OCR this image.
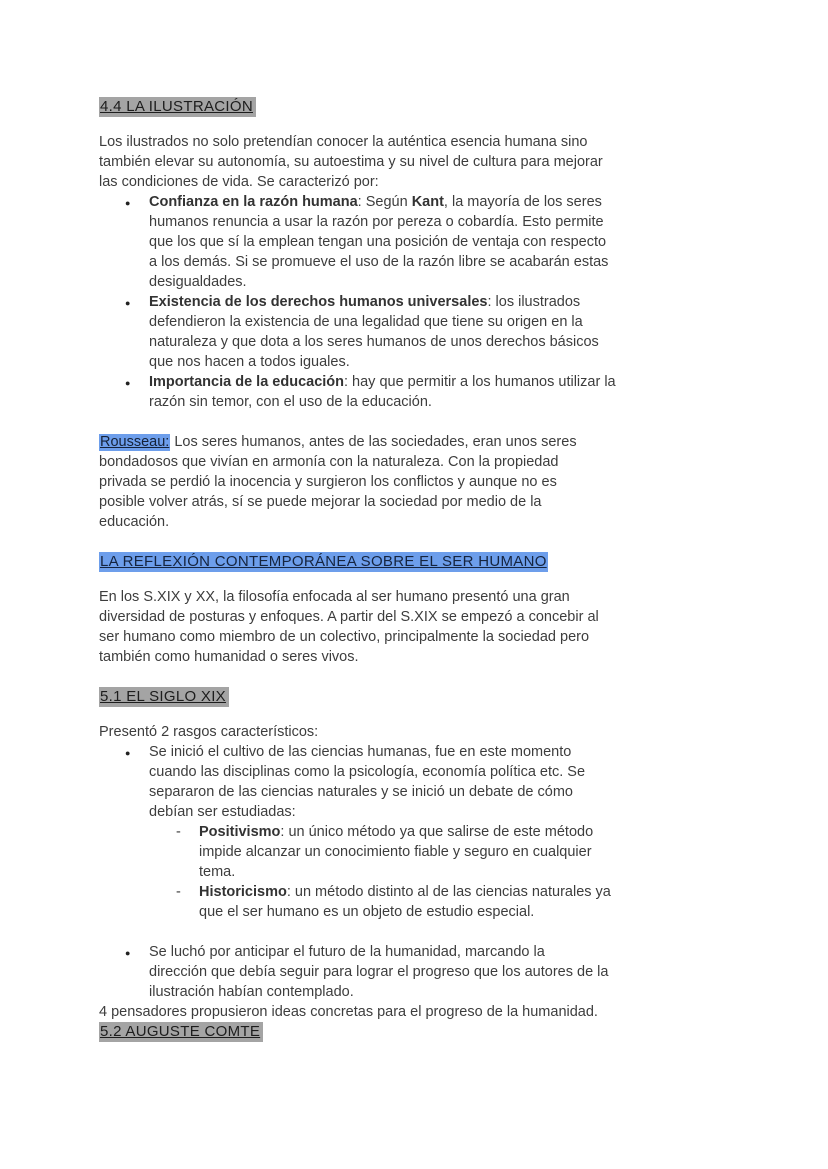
4.4 LA ILUSTRACIÓN
Los ilustrados no solo pretendían conocer la auténtica esencia humana sino
también elevar su autonomía, su autoestima y su nivel de cultura para mejorar
las condiciones de vida. Se caracterizó por:
● Confianza en la razón humana: Según Kant, la mayoría de los seres
humanos renuncia a usar la razón por pereza o cobardía. Esto permite
que los que sí la emplean tengan una posición de ventaja con respecto
a los demás. Si se promueve el uso de la razón libre se acabarán estas
desigualdades.
● Existencia de los derechos humanos universales: los ilustrados
defendieron la existencia de una legalidad que tiene su origen en la
naturaleza y que dota a los seres humanos de unos derechos básicos
que nos hacen a todos iguales.
● Importancia de la educación: hay que permitir a los humanos utilizar la
razón sin temor, con el uso de la educación.
Rousseau: Los seres humanos, antes de las sociedades, eran unos seres
bondadosos que vivían en armonía con la naturaleza. Con la propiedad
privada se perdió la inocencia y surgieron los conflictos y aunque no es
posible volver atrás, sí se puede mejorar la sociedad por medio de la
educación.
LA REFLEXIÓN CONTEMPORÁNEA SOBRE EL SER HUMANO
En los S.XIX y XX, la filosofía enfocada al ser humano presentó una gran
diversidad de posturas y enfoques. A partir del S.XIX se empezó a concebir al
ser humano como miembro de un colectivo, principalmente la sociedad pero
también como humanidad o seres vivos.
5.1 EL SIGLO XIX
Presentó 2 rasgos característicos:
● Se inició el cultivo de las ciencias humanas, fue en este momento
cuando las disciplinas como la psicología, economía política etc. Se
separaron de las ciencias naturales y se inició un debate de cómo
debían ser estudiadas:
- Positivismo: un único método ya que salirse de este método
impide alcanzar un conocimiento fiable y seguro en cualquier
tema.
- Historicismo: un método distinto al de las ciencias naturales ya
que el ser humano es un objeto de estudio especial.
● Se luchó por anticipar el futuro de la humanidad, marcando la
dirección que debía seguir para lograr el progreso que los autores de la
ilustración habían contemplado.
4 pensadores propusieron ideas concretas para el progreso de la humanidad.
5.2 AUGUSTE COMTE
